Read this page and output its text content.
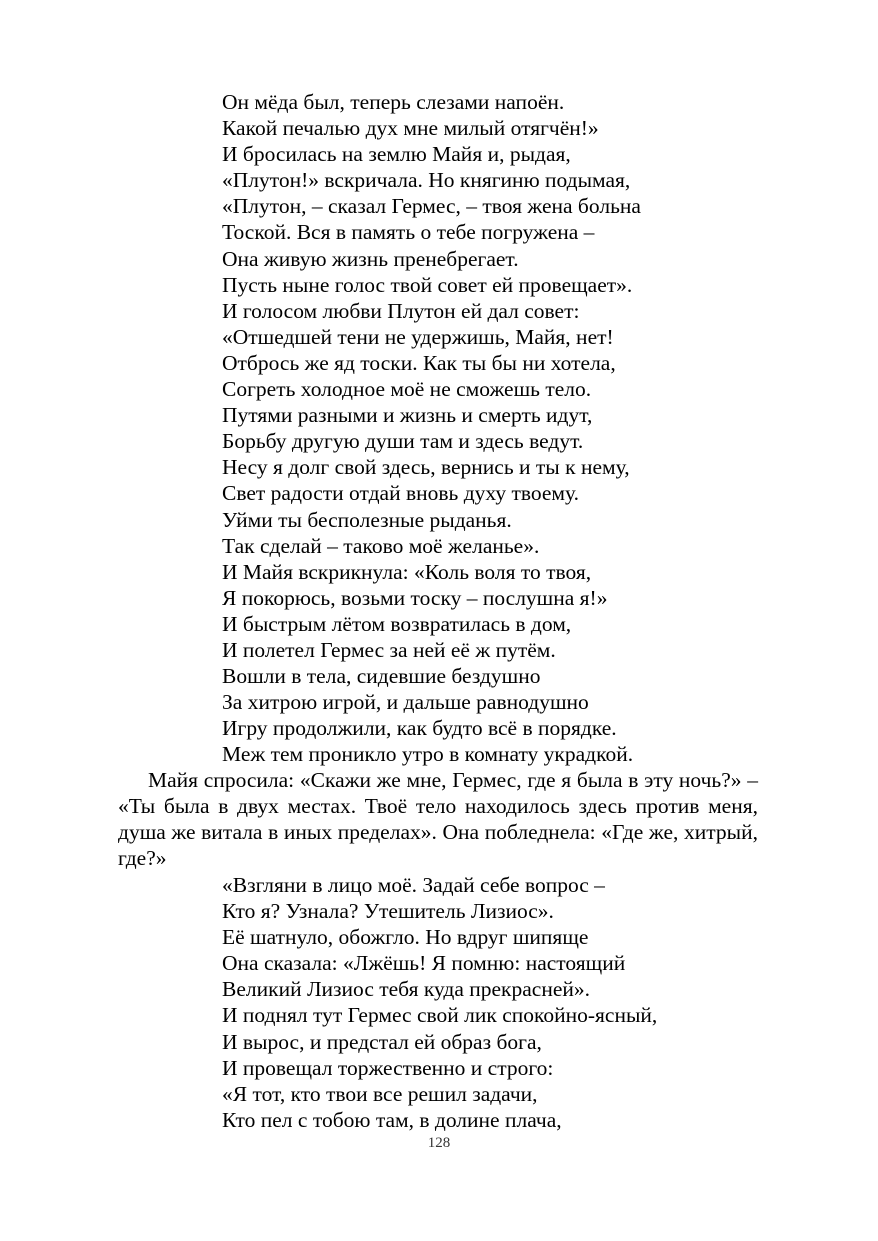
Он мёда был, теперь слезами напоён.
Какой печалью дух мне милый отягчён!»
И бросилась на землю Майя и, рыдая,
«Плутон!» вскричала. Но княгиню подымая,
«Плутон, – сказал Гермес, – твоя жена больна
Тоской. Вся в память о тебе погружена –
Она живую жизнь пренебрегает.
Пусть ныне голос твой совет ей провещает».
И голосом любви Плутон ей дал совет:
«Отшедшей тени не удержишь, Майя, нет!
Отбрось же яд тоски. Как ты бы ни хотела,
Согреть холодное моё не сможешь тело.
Путями разными и жизнь и смерть идут,
Борьбу другую души там и здесь ведут.
Несу я долг свой здесь, вернись и ты к нему,
Свет радости отдай вновь духу твоему.
Уйми ты бесполезные рыданья.
Так сделай – таково моё желанье».
И Майя вскрикнула: «Коль воля то твоя,
Я покорюсь, возьми тоску – послушна я!»
И быстрым лётом возвратилась в дом,
И полетел Гермес за ней её ж путём.
Вошли в тела, сидевшие бездушно
За хитрою игрой, и дальше равнодушно
Игру продолжили, как будто всё в порядке.
Меж тем проникло утро в комнату украдкой.

Майя спросила: «Скажи же мне, Гермес, где я была в эту ночь?» – «Ты была в двух местах. Твоё тело находилось здесь против меня, душа же витала в иных пределах». Она побледнела: «Где же, хитрый, где?»

«Взгляни в лицо моё. Задай себе вопрос –
Кто я? Узнала? Утешитель Лизиос».
Её шатнуло, обожгло. Но вдруг шипяще
Она сказала: «Лжёшь! Я помню: настоящий
Великий Лизиос тебя куда прекрасней».
И поднял тут Гермес свой лик спокойно-ясный,
И вырос, и предстал ей образ бога,
И провещал торжественно и строго:
«Я тот, кто твои все решил задачи,
Кто пел с тобою там, в долине плача,
128
